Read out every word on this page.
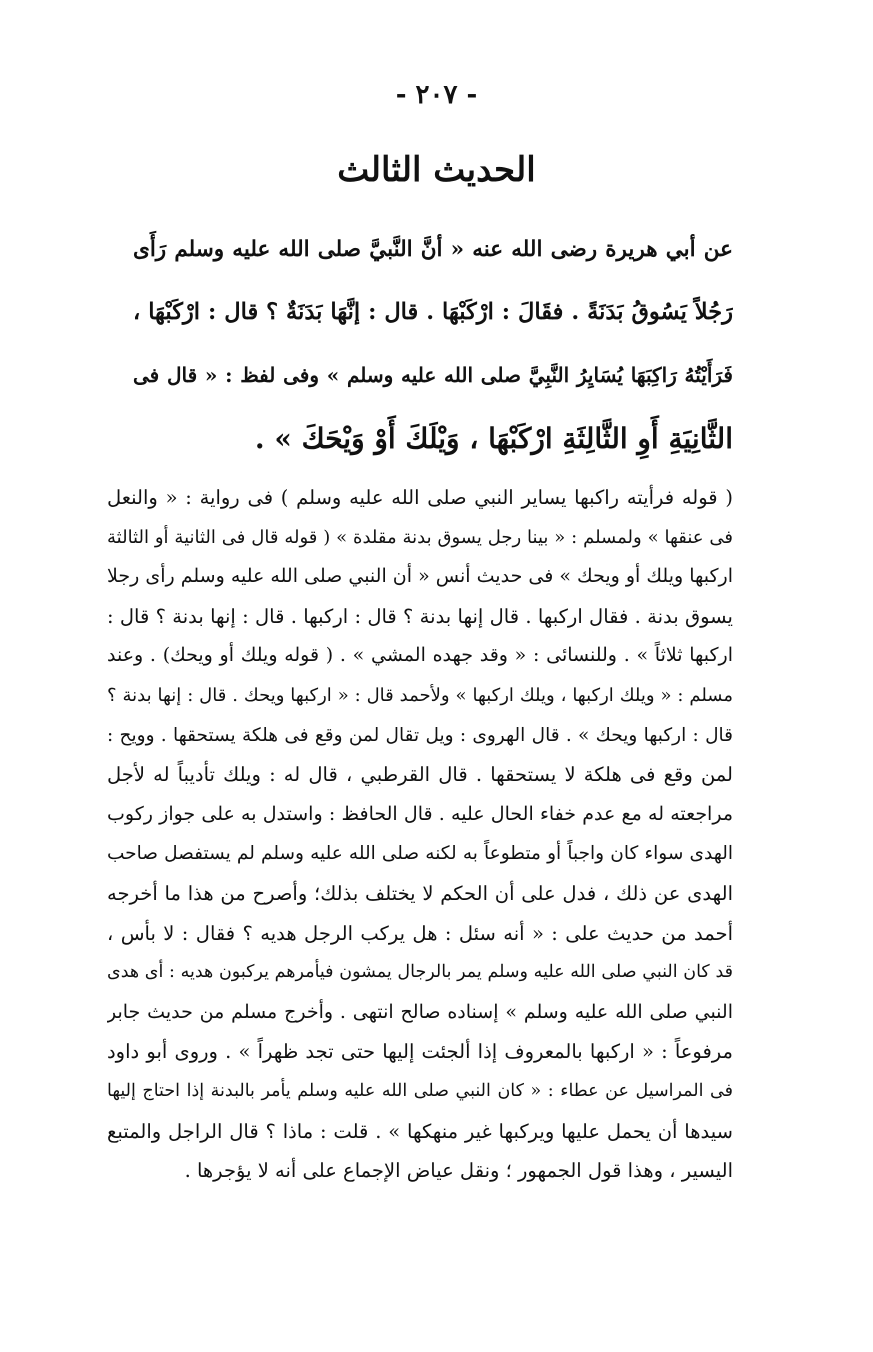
- ٢٠٧ -
الحديث الثالث
عن أبي هريرة رضى الله عنه « أنَّ النَّبيَّ صلى الله عليه وسلم رَأَى
رَجُلاً يَسُوقُ بَدَنَةً . فقَالَ : ارْكَبْهَا . قال : إنَّهَا بَدَنَةٌ ؟ قال : ارْكَبْهَا ،
فَرَأَيْتُهُ رَاكِبَهَا يُسَايِرُ النَّبِيَّ صلى الله عليه وسلم » وفى لفظ : « قال فى
الثَّانِيَةِ أَوِ الثَّالِثَةِ ارْكَبْهَا ، وَيْلَكَ أَوْ وَيْحَكَ » .
( قوله فرأيته راكبها يساير النبي صلى الله عليه وسلم ) فى رواية : « والنعل
فى عنقها » ولمسلم : « بينا رجل يسوق بدنة مقلدة » ( قوله قال فى الثانية أو الثالثة
اركبها ويلك أو ويحك » فى حديث أنس « أن النبي صلى الله عليه وسلم رأى رجلا
يسوق بدنة . فقال اركبها . قال إنها بدنة ؟ قال : اركبها . قال : إنها بدنة ؟ قال :
اركبها ثلاثاً » . وللنسائى : « وقد جهده المشي » . ( قوله ويلك أو ويحك) . وعند
مسلم : « ويلك اركبها ، ويلك اركبها » ولأحمد قال : « اركبها ويحك . قال : إنها بدنة ؟
قال : اركبها ويحك » . قال الهروى : ويل تقال لمن وقع فى هلكة يستحقها . وويح :
لمن وقع فى هلكة لا يستحقها . قال القرطبي ، قال له : ويلك تأديباً له لأجل
مراجعته له مع عدم خفاء الحال عليه . قال الحافظ : واستدل به على جواز ركوب
الهدى سواء كان واجباً أو متطوعاً به لكنه صلى الله عليه وسلم لم يستفصل صاحب
الهدى عن ذلك ، فدل على أن الحكم لا يختلف بذلك؛ وأصرح من هذا ما أخرجه
أحمد من حديث على : « أنه سئل : هل يركب الرجل هديه ؟ فقال : لا بأس ،
قد كان النبي صلى الله عليه وسلم يمر بالرجال يمشون فيأمرهم يركبون هديه : أى هدى
النبي صلى الله عليه وسلم » إسناده صالح انتهى . وأخرج مسلم من حديث جابر
مرفوعاً : « اركبها بالمعروف إذا ألجئت إليها حتى تجد ظهراً » . وروى أبو داود
فى المراسيل عن عطاء : « كان النبي صلى الله عليه وسلم يأمر بالبدنة إذا احتاج إليها
سيدها أن يحمل عليها ويركبها غير منهكها » . قلت : ماذا ؟ قال الراجل والمتبع
اليسير ، وهذا قول الجمهور ؛ ونقل عياض الإجماع على أنه لا يؤجرها .
